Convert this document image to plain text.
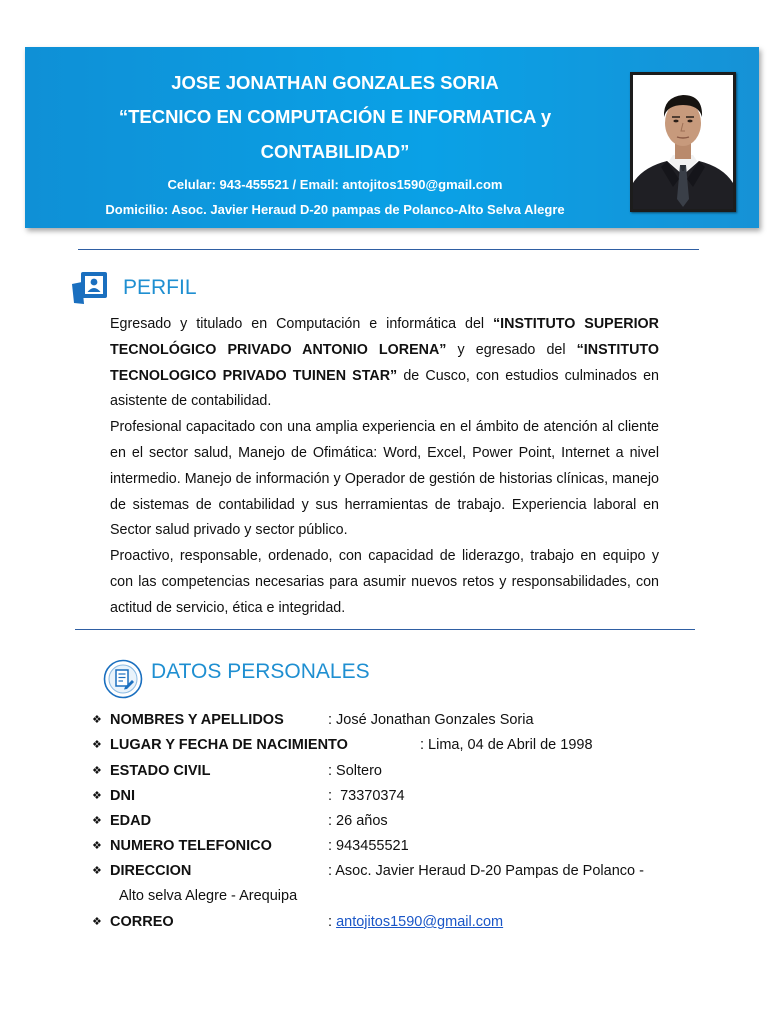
JOSE JONATHAN GONZALES SORIA
“TECNICO EN COMPUTACIÓN E INFORMATICA y
CONTABILIDAD”
Celular: 943-455521 / Email: antojitos1590@gmail.com
Domicilio: Asoc. Javier Heraud D-20 pampas de Polanco-Alto Selva Alegre
PERFIL

Egresado y titulado en Computación e informática del “INSTITUTO SUPERIOR TECNOLÓGICO PRIVADO ANTONIO LORENA” y egresado del “INSTITUTO TECNOLOGICO PRIVADO TUINEN STAR” de Cusco, con estudios culminados en asistente de contabilidad.

Profesional capacitado con una amplia experiencia en el ámbito de atención al cliente en el sector salud, Manejo de Ofimática: Word, Excel, Power Point, Internet a nivel intermedio. Manejo de información y Operador de gestión de historias clínicas, manejo de sistemas de contabilidad y sus herramientas de trabajo. Experiencia laboral en Sector salud privado y sector público.

Proactivo, responsable, ordenado, con capacidad de liderazgo, trabajo en equipo y con las competencias necesarias para asumir nuevos retos y responsabilidades, con actitud de servicio, ética e integridad.

DATOS PERSONALES
❖ NOMBRES Y APELLIDOS	: José Jonathan Gonzales Soria
❖ LUGAR Y FECHA DE NACIMIENTO	: Lima, 04 de Abril de 1998
❖ ESTADO CIVIL	: Soltero
❖ DNI	:  73370374
❖ EDAD	: 26 años
❖ NUMERO TELEFONICO	: 943455521
❖ DIRECCION	: Asoc. Javier Heraud D-20 Pampas de Polanco -
Alto selva Alegre - Arequipa
❖ CORREO	: antojitos1590@gmail.com
